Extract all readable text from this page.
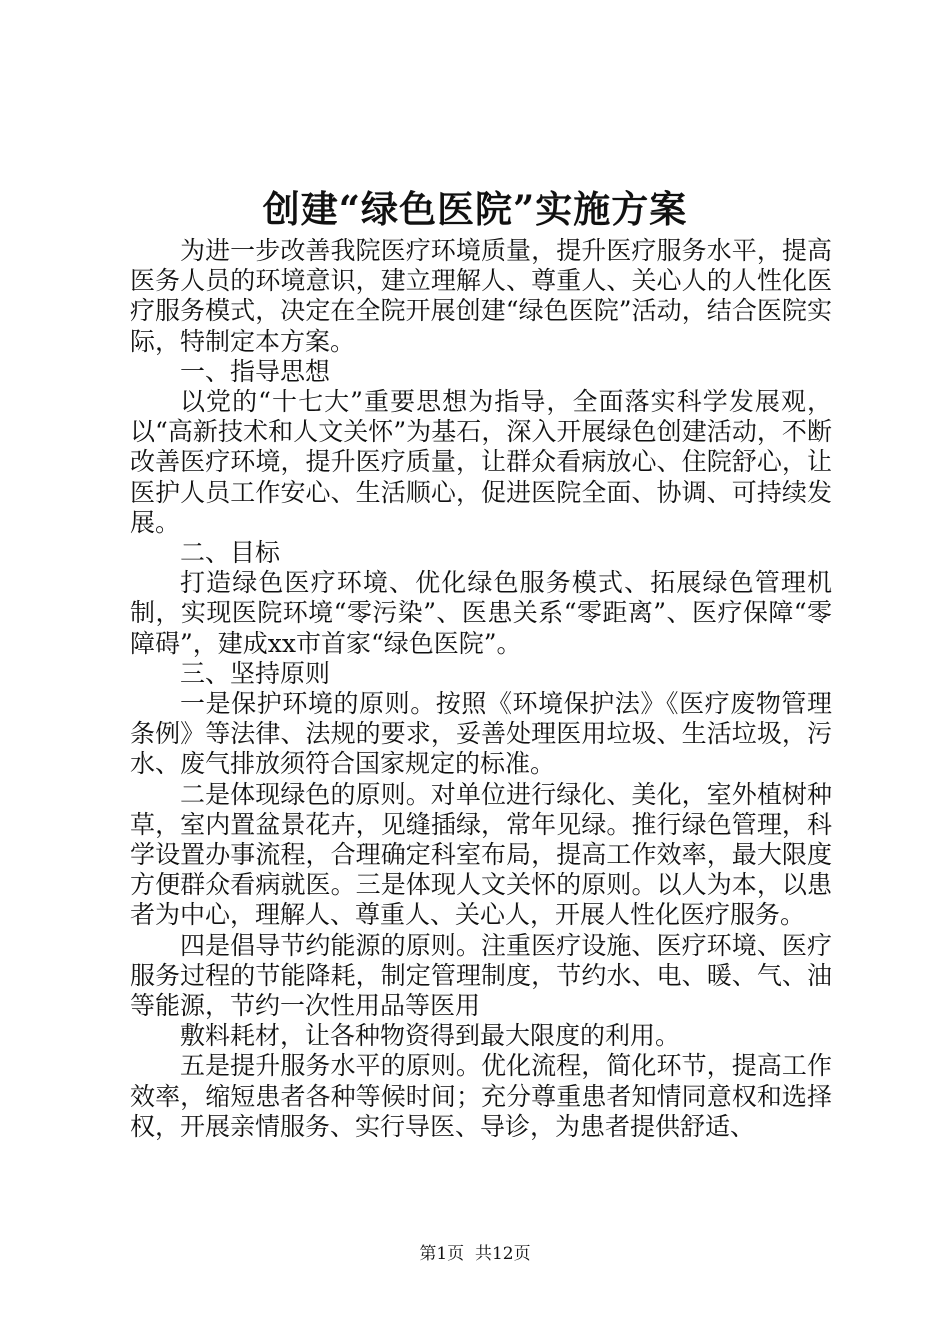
创建“绿色医院”实施方案

为进一步改善我院医疗环境质量，提升医疗服务水平，提高医务人员的环境意识，建立理解人、尊重人、关心人的人性化医疗服务模式，决定在全院开展创建“绿色医院”活动，结合医院实际，特制定本方案。

一、指导思想

以党的“十七大”重要思想为指导，全面落实科学发展观，以“高新技术和人文关怀”为基石，深入开展绿色创建活动，不断改善医疗环境，提升医疗质量，让群众看病放心、住院舒心，让医护人员工作安心、生活顺心，促进医院全面、协调、可持续发展。

二、目标

打造绿色医疗环境、优化绿色服务模式、拓展绿色管理机制，实现医院环境“零污染”、医患关系“零距离”、医疗保障“零障碍”，建成xx市首家“绿色医院”。

三、坚持原则

一是保护环境的原则。按照《环境保护法》《医疗废物管理条例》等法律、法规的要求，妥善处理医用垃圾、生活垃圾，污水、废气排放须符合国家规定的标准。

二是体现绿色的原则。对单位进行绿化、美化，室外植树种草，室内置盆景花卉，见缝插绿，常年见绿。推行绿色管理，科学设置办事流程，合理确定科室布局，提高工作效率，最大限度方便群众看病就医。三是体现人文关怀的原则。以人为本，以患者为中心，理解人、尊重人、关心人，开展人性化医疗服务。

四是倡导节约能源的原则。注重医疗设施、医疗环境、医疗服务过程的节能降耗，制定管理制度，节约水、电、暖、气、油等能源，节约一次性用品等医用

敷料耗材，让各种物资得到最大限度的利用。

五是提升服务水平的原则。优化流程，简化环节，提高工作效率，缩短患者各种等候时间；充分尊重患者知情同意权和选择权，开展亲情服务、实行导医、导诊，为患者提供舒适、

第1页  共12页
